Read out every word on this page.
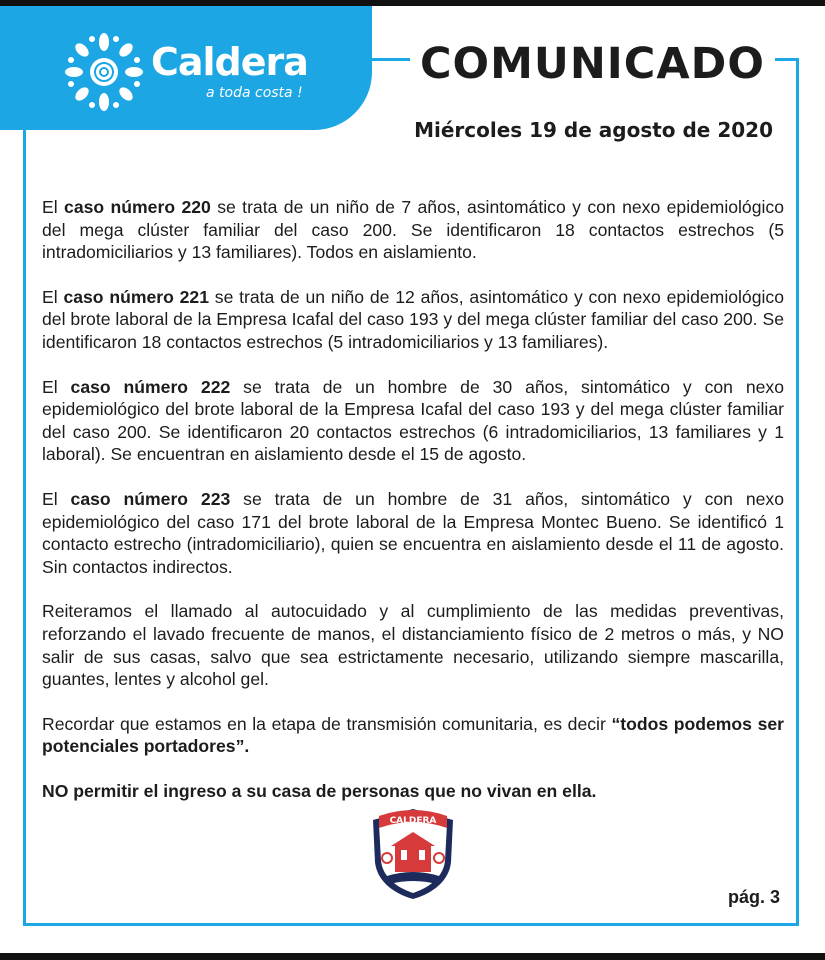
Caldera
a toda costa !
COMUNICADO
Miércoles 19 de agosto de 2020

El caso número 220 se trata de un niño de 7 años, asintomático y con nexo epidemiológico del mega clúster familiar del caso 200. Se identificaron 18 contactos estrechos (5 intradomiciliarios y 13 familiares). Todos en aislamiento.

El caso número 221 se trata de un niño de 12 años, asintomático y con nexo epidemiológico del brote laboral de la Empresa Icafal del caso 193 y del mega clúster familiar del caso 200. Se identificaron 18 contactos estrechos (5 intradomiciliarios y 13 familiares).

El caso número 222 se trata de un hombre de 30 años, sintomático y con nexo epidemiológico del brote laboral de la Empresa Icafal del caso 193 y del mega clúster familiar del caso 200. Se identificaron 20 contactos estrechos (6 intradomiciliarios, 13 familiares y 1 laboral). Se encuentran en aislamiento desde el 15 de agosto.

El caso número 223 se trata de un hombre de 31 años, sintomático y con nexo epidemiológico del caso 171 del brote laboral de la Empresa Montec Bueno. Se identificó 1 contacto estrecho (intradomiciliario), quien se encuentra en aislamiento desde el 11 de agosto. Sin contactos indirectos.

Reiteramos el llamado al autocuidado y al cumplimiento de las medidas preventivas, reforzando el lavado frecuente de manos, el distanciamiento físico de 2 metros o más, y NO salir de sus casas, salvo que sea estrictamente necesario, utilizando siempre mascarilla, guantes, lentes y alcohol gel.

Recordar que estamos en la etapa de transmisión comunitaria, es decir “todos podemos ser potenciales portadores”.

NO permitir el ingreso a su casa de personas que no vivan en ella.

CALDERA
pág. 3
